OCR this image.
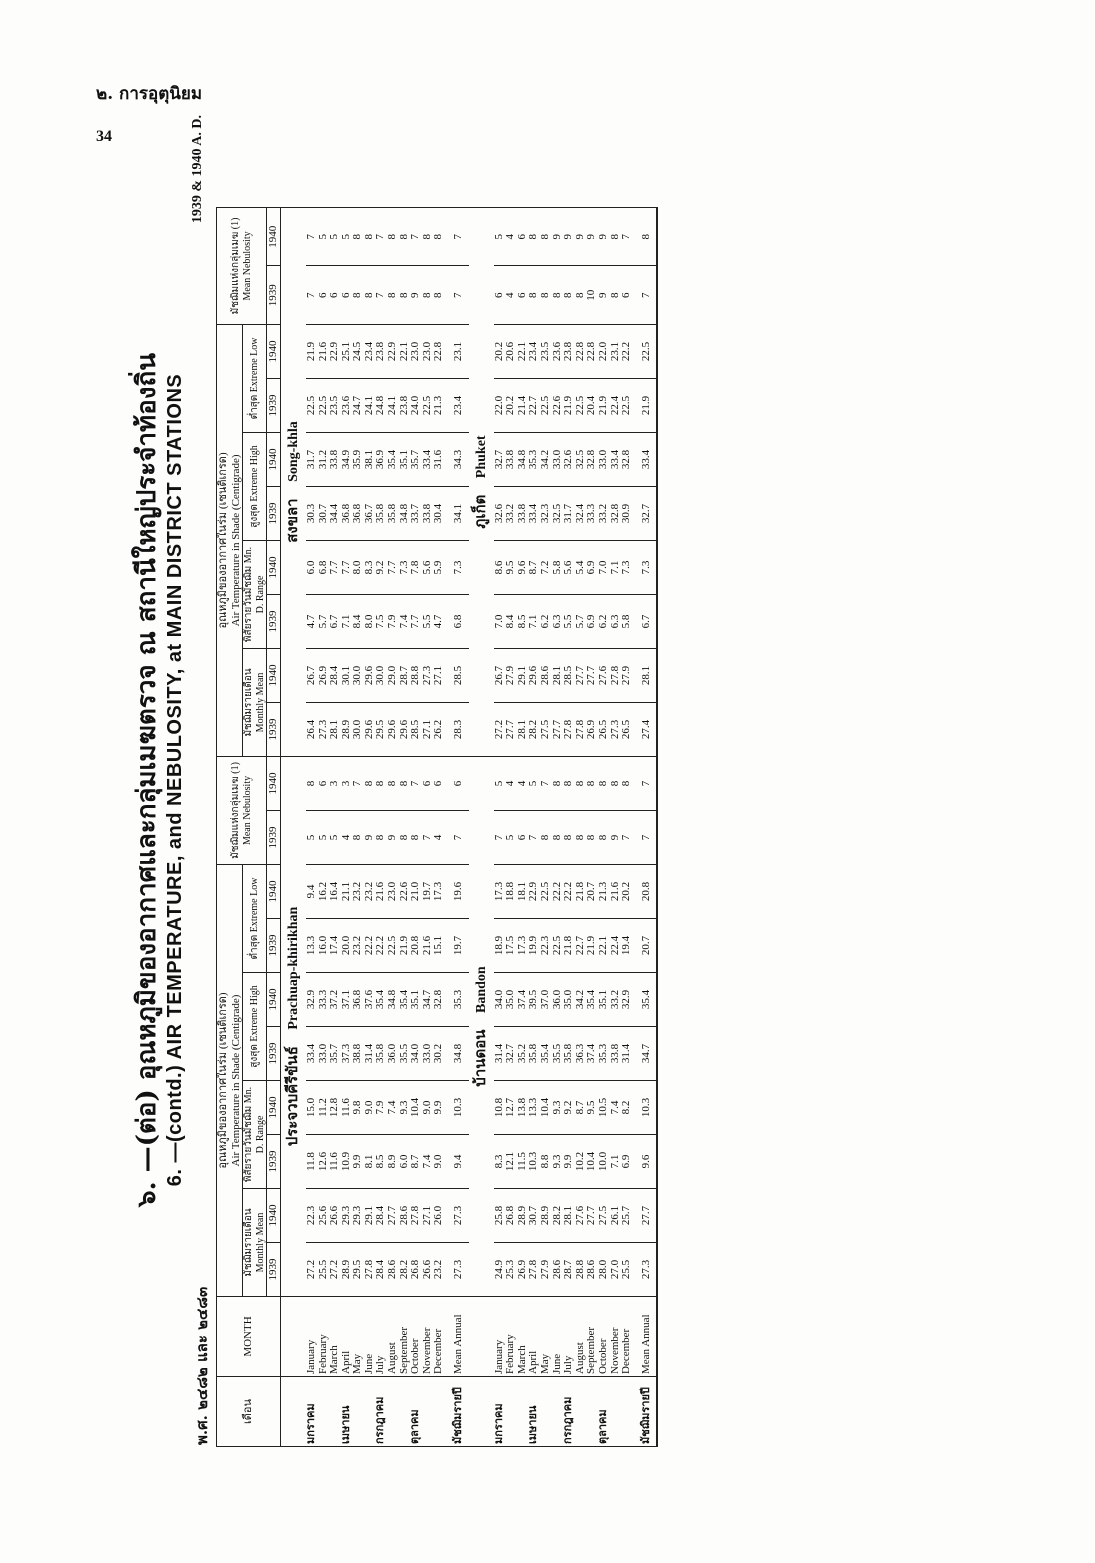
๒. การอุตุนิยม
34
๖. —(ต่อ) อุณหภูมิของอากาศและกลุ่มเมฆตรวจ ณ สถานีใหญ่ประจำท้องถิ่น 6. —(contd.) AIR TEMPERATURE, and NEBULOSITY, at MAIN DISTRICT STATIONS
พ.ศ. ๒๔๘๒ และ ๒๔๘๓
1939 & 1940 A. D.
เดือน	MONTH	อุณหภูมิของอากาศในร่ม (เซนติเกรด)
Air Temperature in Shade (Centigrade)								มัชฌิมแห่งกลุ่มเมฆ (1) Mean Nebulosity		อุณหภูมิของอากาศในร่ม (เซนติเกรด)
Air Temperature in Shade (Centigrade)								มัชฌิมแห่งกลุ่มเมฆ (1) Mean Nebulosity	
		มัชฌิมรายเดือน Monthly Mean		พิสัยรายวันมัชฌิม Mn. D. Range		สูงสุด Extreme High		ต่ำสุด Extreme Low				มัชฌิมรายเดือน Monthly Mean		พิสัยรายวันมัชฌิม Mn. D. Range		สูงสุด Extreme High		ต่ำสุด Extreme Low			
		1939	1940	1939	1940	1939	1940	1939	1940	1939	1940	1939	1940	1939	1940	1939	1940	1939	1940	1939	1940
		ประจวบคีรีขันธ์      Prachuap-khirikhan										สงขลา      Song-khla									
มกราคม	January	27.2	22.3	11.8	15.0	33.4	32.9	13.3	9.4	5	8	26.4	26.7	4.7	6.0	30.3	31.7	22.5	21.9	7	7
	February	25.5	25.6	12.6	11.2	33.0	33.3	16.0	16.2	5	6	27.3	26.9	5.7	6.8	30.7	31.2	22.5	21.6	6	5
	March	27.2	26.6	11.6	12.8	35.7	37.2	17.4	16.4	5	3	28.1	28.4	6.7	7.7	34.4	33.8	23.5	22.9	6	5
เมษายน	April	28.9	29.3	10.9	11.6	37.3	37.1	20.0	21.1	4	3	28.9	30.1	7.1	7.7	36.8	34.9	23.6	25.1	6	5
	May	29.5	29.3	9.9	9.8	38.8	36.8	23.2	23.2	8	7	30.0	30.0	8.4	8.0	36.8	35.9	24.7	24.5	8	8
	June	27.8	29.1	8.1	9.0	31.4	37.6	22.2	23.2	9	8	29.6	29.6	8.0	8.3	36.7	38.1	24.1	23.4	8	8
กรกฎาคม	July	28.4	28.4	8.5	7.9	35.8	35.4	22.2	21.6	8	8	29.5	30.0	7.5	9.2	35.8	36.9	24.8	23.8	7	7
	August	28.6	27.7	8.9	7.4	36.0	34.8	22.5	23.0	9	8	29.6	29.0	7.9	7.7	35.8	35.4	24.1	22.9	8	8
	September	28.2	28.6	6.0	9.3	35.5	35.4	21.9	22.6	8	8	29.6	28.7	7.4	7.3	34.8	35.1	23.8	22.1	8	8
ตุลาคม	October	26.8	27.8	8.7	10.4	34.0	35.1	20.8	21.0	8	7	28.5	28.8	7.7	7.8	33.7	35.7	24.0	23.0	9	7
	November	26.6	27.1	7.4	9.0	33.0	34.7	21.6	19.7	7	6	27.1	27.3	5.5	5.6	33.8	33.4	22.5	23.0	8	8
	December	23.2	26.0	9.0	9.9	30.2	32.8	15.1	17.3	4	6	26.2	27.1	4.7	5.9	30.4	31.6	21.3	22.8	8	8
มัชฌิมรายปี	Mean Annual	27.3	27.3	9.4	10.3	34.8	35.3	19.7	19.6	7	6	28.3	28.5	6.8	7.3	34.1	34.3	23.4	23.1	7	7
		บ้านดอน      Bandon										ภูเก็ต      Phuket									
มกราคม	January	24.9	25.8	8.3	10.8	31.4	34.0	18.9	17.3	7	5	27.2	26.7	7.0	8.6	32.6	32.7	22.0	20.2	6	5
	February	25.3	26.8	12.1	12.7	32.7	35.0	17.5	18.8	5	4	27.7	27.9	8.4	9.5	33.2	33.8	20.2	20.6	4	4
	March	26.9	28.9	11.5	13.8	35.2	37.4	17.3	18.1	6	4	28.1	29.1	8.5	9.6	33.8	34.8	21.4	22.1	6	6
เมษายน	April	27.8	30.7	10.3	13.3	35.8	39.5	19.9	22.9	7	5	28.2	29.6	7.1	8.7	33.4	35.3	22.7	23.4	8	8
	May	27.9	28.9	8.8	10.4	35.4	37.0	22.3	22.5	8	7	27.5	28.6	6.2	7.2	32.3	34.2	22.5	23.5	8	8
	June	28.6	28.2	9.3	9.3	35.5	36.0	22.5	22.2	8	8	27.7	28.1	6.3	5.8	32.5	33.0	22.6	23.6	8	9
กรกฎาคม	July	28.7	28.1	9.9	9.2	35.8	35.0	21.8	22.2	8	8	27.8	28.5	5.5	5.6	31.7	32.6	21.9	23.8	8	9
	August	28.8	27.6	10.2	8.7	36.3	34.2	22.7	21.8	8	8	27.8	27.7	5.7	5.4	32.4	32.5	22.5	22.8	8	9
	September	28.6	27.7	10.4	9.5	37.4	35.4	21.9	20.7	8	8	26.9	27.7	6.9	6.9	33.3	32.8	20.4	22.8	10	9
ตุลาคม	October	28.0	27.5	10.0	10.5	35.3	35.1	22.1	21.3	8	8	26.5	27.6	6.2	7.0	33.2	33.0	21.9	22.0	9	9
	November	27.0	26.1	7.1	7.4	33.8	33.2	22.4	21.6	9	8	27.3	27.8	6.3	7.1	32.8	33.4	22.4	23.1	8	8
	December	25.5	25.7	6.9	8.2	31.4	32.9	19.4	20.2	7	8	26.5	27.9	5.8	7.3	30.9	32.8	22.5	22.2	6	7
มัชฌิมรายปี	Mean Annual	27.3	27.7	9.6	10.3	34.7	35.4	20.7	20.8	7	7	27.4	28.1	6.7	7.3	32.7	33.4	21.9	22.5	7	8
